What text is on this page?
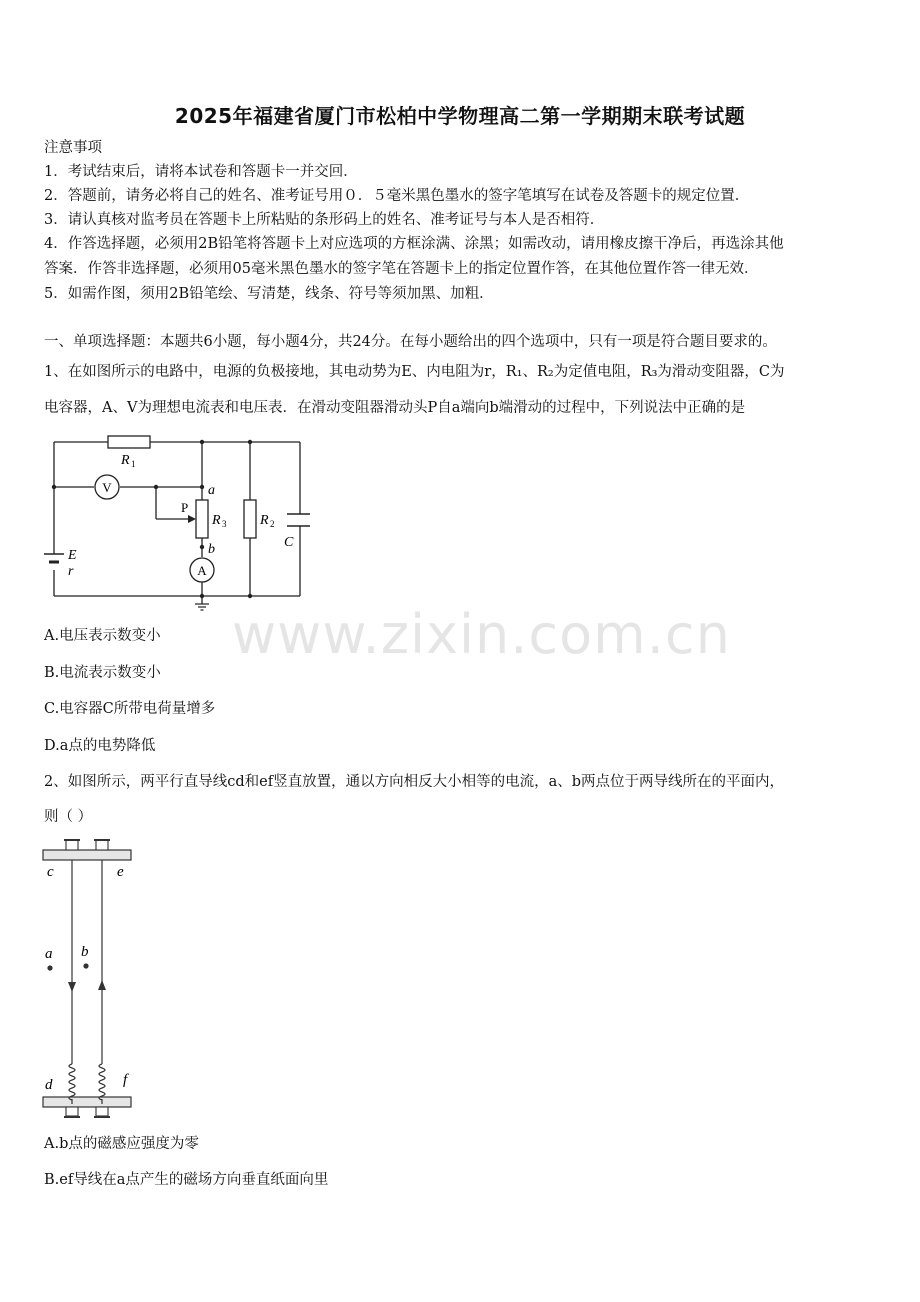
2025年福建省厦门市松柏中学物理高二第一学期期末联考试题
注意事项
1．考试结束后，请将本试卷和答题卡一并交回．
2．答题前，请务必将自己的姓名、准考证号用０．５毫米黑色墨水的签字笔填写在试卷及答题卡的规定位置．
3．请认真核对监考员在答题卡上所粘贴的条形码上的姓名、准考证号与本人是否相符．
4．作答选择题，必须用2B铅笔将答题卡上对应选项的方框涂满、涂黑；如需改动，请用橡皮擦干净后，再选涂其他
答案．作答非选择题，必须用05毫米黑色墨水的签字笔在答题卡上的指定位置作答，在其他位置作答一律无效．
5．如需作图，须用2B铅笔绘、写清楚，线条、符号等须加黑、加粗．
一、单项选择题：本题共6小题，每小题4分，共24分。在每小题给出的四个选项中，只有一项是符合题目要求的。
1、在如图所示的电路中，电源的负极接地，其电动势为E、内电阻为r，R₁、R₂为定值电阻，R₃为滑动变阻器，C为
电容器，A、V为理想电流表和电压表．在滑动变阻器滑动头P自a端向b端滑动的过程中，下列说法中正确的是
V
A
R 1
R 3 R 2
P
a
b
E
r
C
A.电压表示数变小
B.电流表示数变小
C.电容器C所带电荷量增多
D.a点的电势降低
2、如图所示，两平行直导线cd和ef竖直放置，通以方向相反大小相等的电流，a、b两点位于两导线所在的平面内，
则（ ）
c	e
a b
d	f
A.b点的磁感应强度为零
B.ef导线在a点产生的磁场方向垂直纸面向里
www.zixin.com.cn
